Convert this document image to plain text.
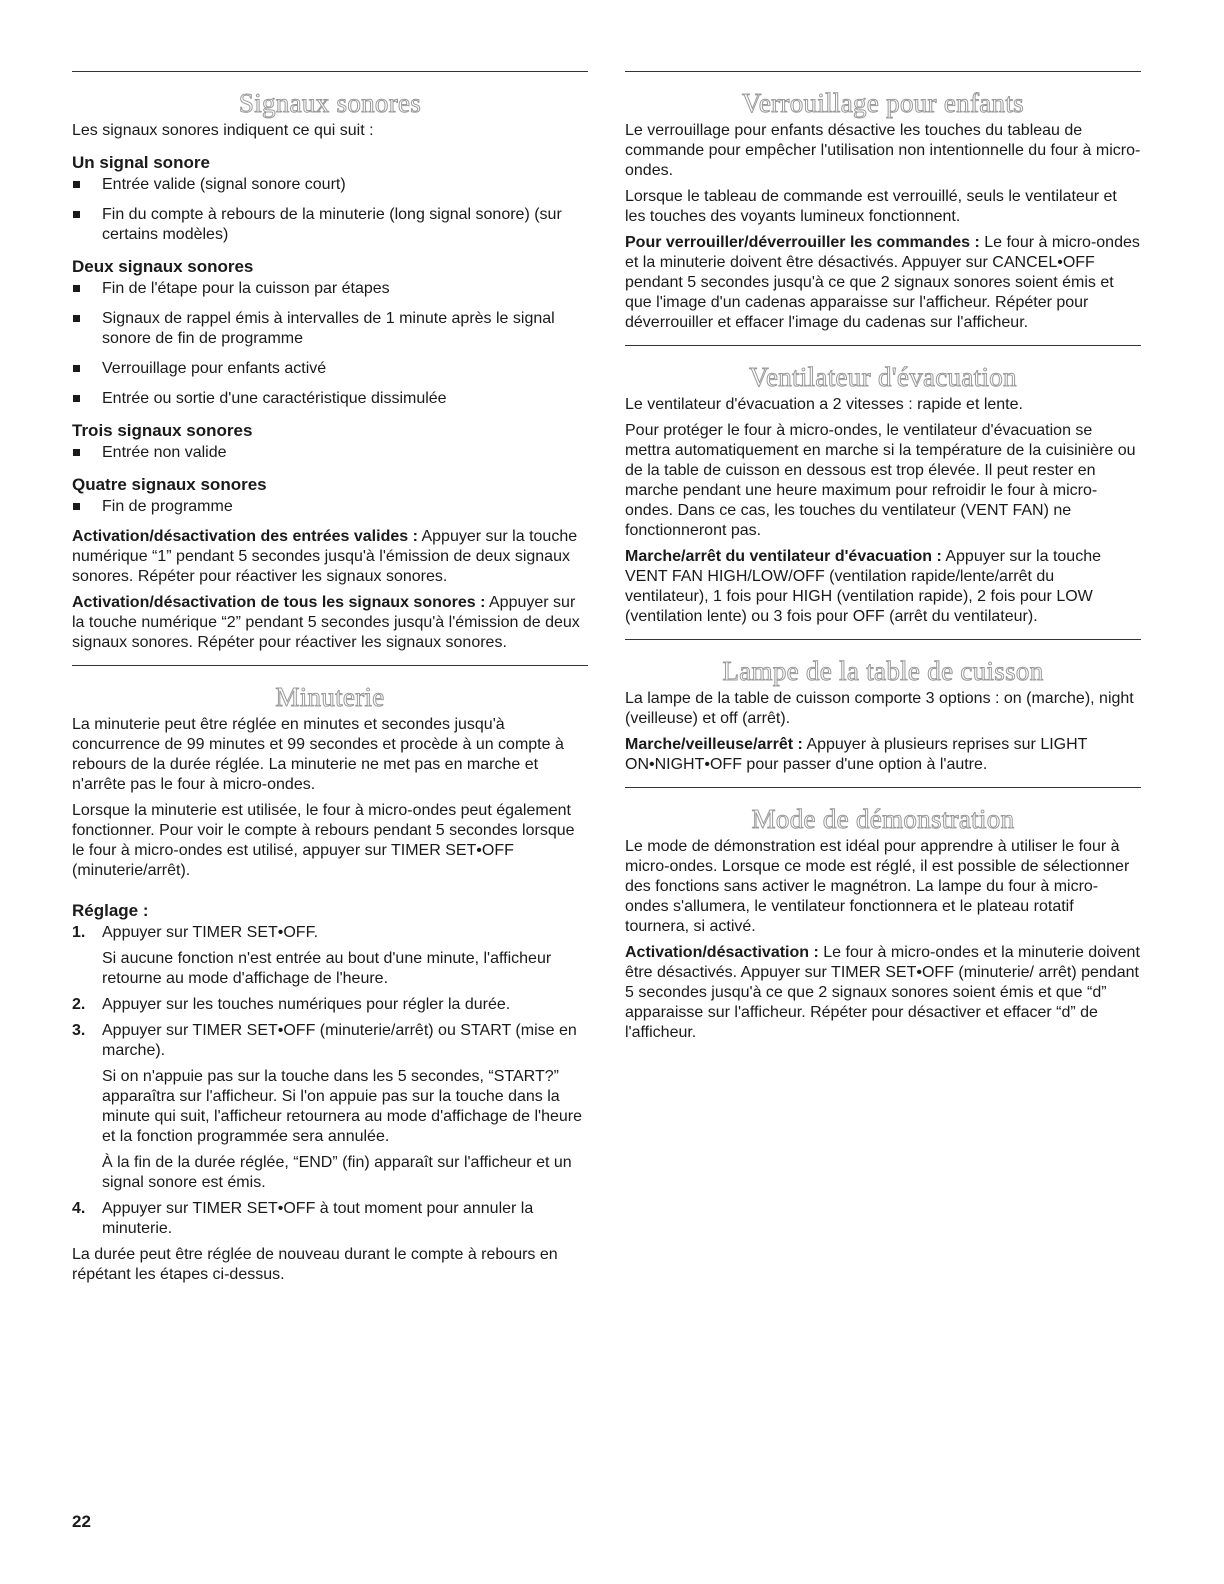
Signaux sonores

Les signaux sonores indiquent ce qui suit :

Un signal sonore
Entrée valide (signal sonore court)
Fin du compte à rebours de la minuterie (long signal sonore) (sur certains modèles)
Deux signaux sonores
Fin de l'étape pour la cuisson par étapes
Signaux de rappel émis à intervalles de 1 minute après le signal sonore de fin de programme
Verrouillage pour enfants activé
Entrée ou sortie d'une caractéristique dissimulée
Trois signaux sonores
Entrée non valide
Quatre signaux sonores
Fin de programme

Activation/désactivation des entrées valides : Appuyer sur la touche numérique “1” pendant 5 secondes jusqu'à l'émission de deux signaux sonores. Répéter pour réactiver les signaux sonores.

Activation/désactivation de tous les signaux sonores : Appuyer sur la touche numérique “2” pendant 5 secondes jusqu'à l'émission de deux signaux sonores. Répéter pour réactiver les signaux sonores.

Minuterie

La minuterie peut être réglée en minutes et secondes jusqu'à concurrence de 99 minutes et 99 secondes et procède à un compte à rebours de la durée réglée. La minuterie ne met pas en marche et n'arrête pas le four à micro-ondes.

Lorsque la minuterie est utilisée, le four à micro-ondes peut également fonctionner. Pour voir le compte à rebours pendant 5 secondes lorsque le four à micro-ondes est utilisé, appuyer sur TIMER SET•OFF (minuterie/arrêt).

Réglage :
1. Appuyer sur TIMER SET•OFF.

Si aucune fonction n'est entrée au bout d'une minute, l'afficheur retourne au mode d'affichage de l'heure.

2. Appuyer sur les touches numériques pour régler la durée.

3. Appuyer sur TIMER SET•OFF (minuterie/arrêt) ou START (mise en marche).

Si on n'appuie pas sur la touche dans les 5 secondes, “START?” apparaîtra sur l'afficheur. Si l'on appuie pas sur la touche dans la minute qui suit, l'afficheur retournera au mode d'affichage de l'heure et la fonction programmée sera annulée.

À la fin de la durée réglée, “END” (fin) apparaît sur l'afficheur et un signal sonore est émis.

4. Appuyer sur TIMER SET•OFF à tout moment pour annuler la minuterie.

La durée peut être réglée de nouveau durant le compte à rebours en répétant les étapes ci-dessus.

Verrouillage pour enfants

Le verrouillage pour enfants désactive les touches du tableau de commande pour empêcher l'utilisation non intentionnelle du four à micro-ondes.

Lorsque le tableau de commande est verrouillé, seuls le ventilateur et les touches des voyants lumineux fonctionnent.

Pour verrouiller/déverrouiller les commandes : Le four à micro-ondes et la minuterie doivent être désactivés. Appuyer sur CANCEL•OFF pendant 5 secondes jusqu'à ce que 2 signaux sonores soient émis et que l'image d'un cadenas apparaisse sur l'afficheur. Répéter pour déverrouiller et effacer l'image du cadenas sur l'afficheur.

Ventilateur d'évacuation

Le ventilateur d'évacuation a 2 vitesses : rapide et lente.

Pour protéger le four à micro-ondes, le ventilateur d'évacuation se mettra automatiquement en marche si la température de la cuisinière ou de la table de cuisson en dessous est trop élevée. Il peut rester en marche pendant une heure maximum pour refroidir le four à micro-ondes. Dans ce cas, les touches du ventilateur (VENT FAN) ne fonctionneront pas.

Marche/arrêt du ventilateur d'évacuation : Appuyer sur la touche VENT FAN HIGH/LOW/OFF (ventilation rapide/lente/arrêt du ventilateur), 1 fois pour HIGH (ventilation rapide), 2 fois pour LOW (ventilation lente) ou 3 fois pour OFF (arrêt du ventilateur).

Lampe de la table de cuisson

La lampe de la table de cuisson comporte 3 options : on (marche), night (veilleuse) et off (arrêt).

Marche/veilleuse/arrêt : Appuyer à plusieurs reprises sur LIGHT ON•NIGHT•OFF pour passer d'une option à l'autre.

Mode de démonstration

Le mode de démonstration est idéal pour apprendre à utiliser le four à micro-ondes. Lorsque ce mode est réglé, il est possible de sélectionner des fonctions sans activer le magnétron. La lampe du four à micro-ondes s'allumera, le ventilateur fonctionnera et le plateau rotatif tournera, si activé.

Activation/désactivation : Le four à micro-ondes et la minuterie doivent être désactivés. Appuyer sur TIMER SET•OFF (minuterie/ arrêt) pendant 5 secondes jusqu'à ce que 2 signaux sonores soient émis et que “d” apparaisse sur l'afficheur. Répéter pour désactiver et effacer “d” de l'afficheur.

22
